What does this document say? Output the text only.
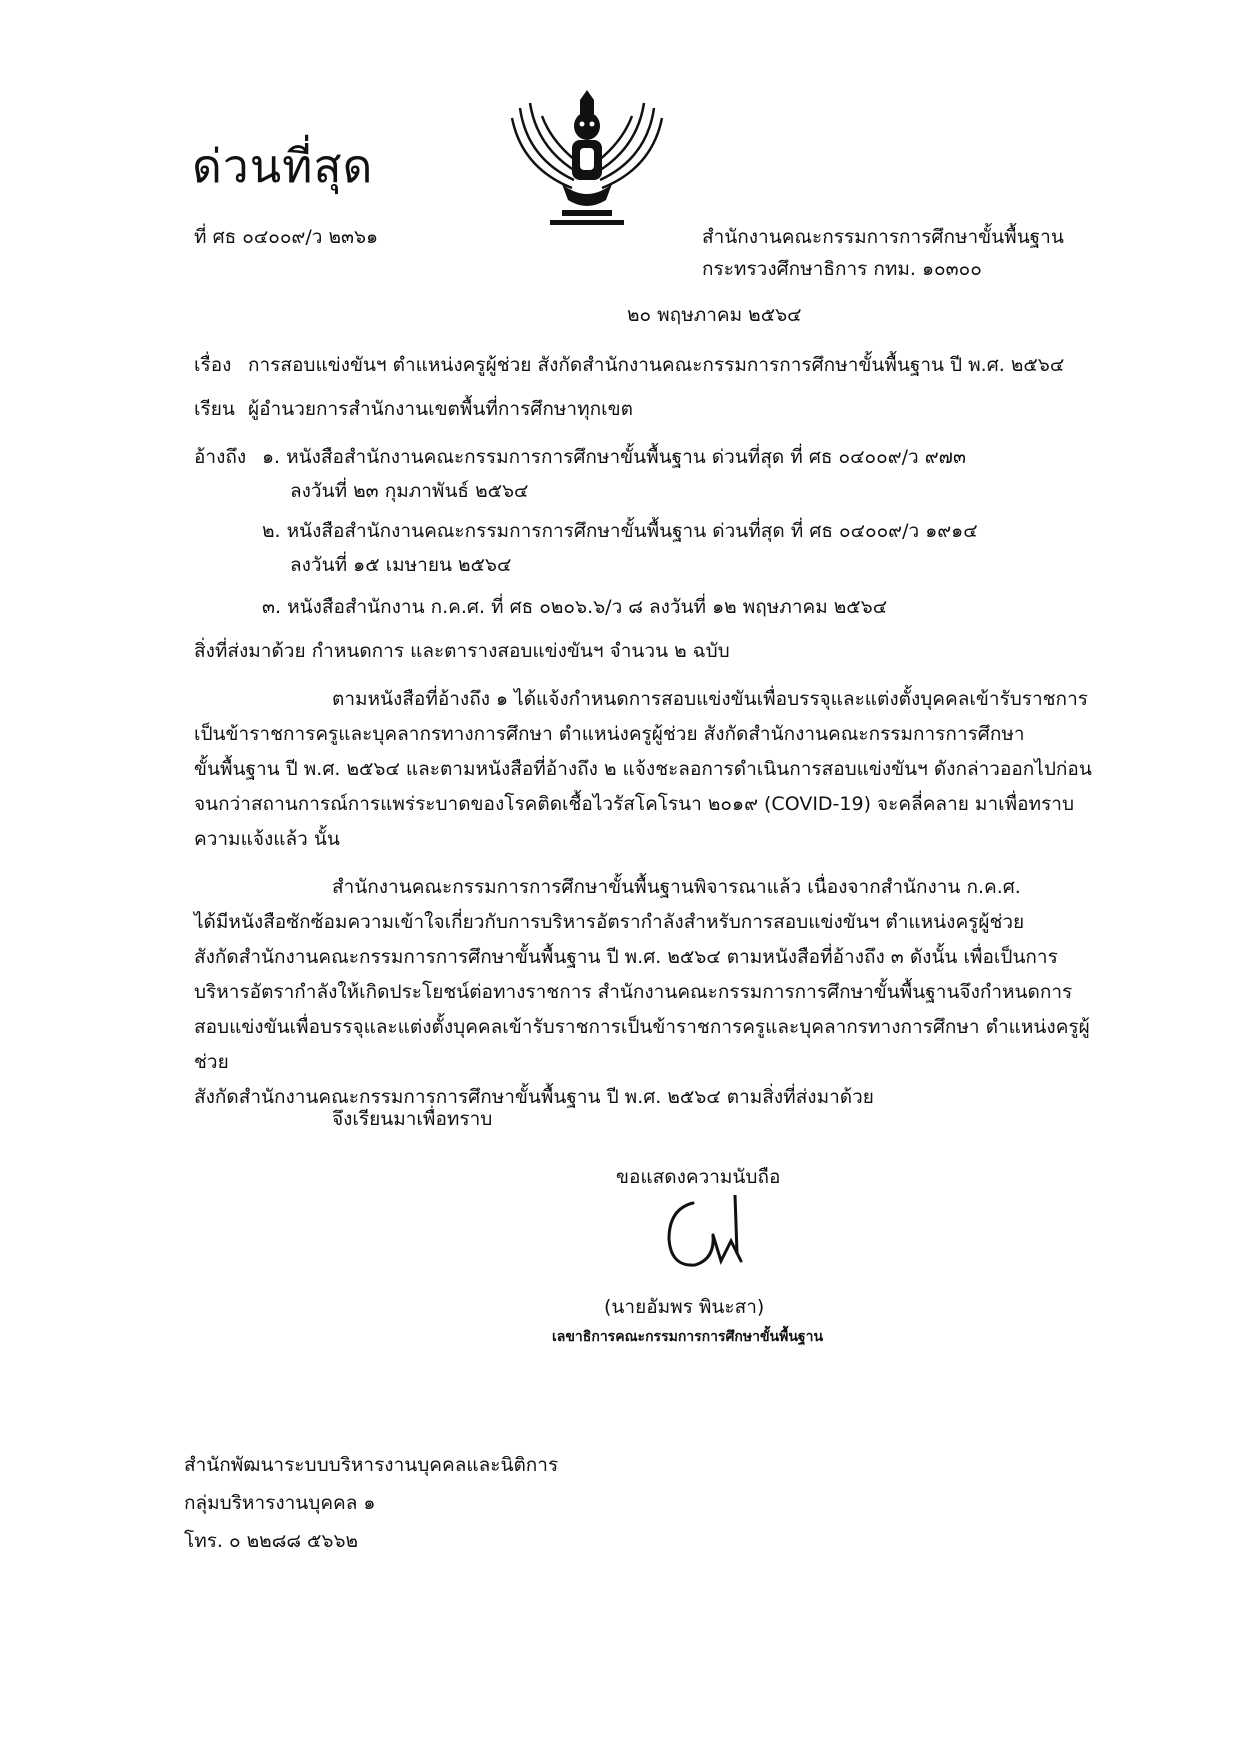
ด่วนที่สุด
ที่ ศธ ๐๔๐๐๙/ว ๒๓๖๑	สำนักงานคณะกรรมการการศึกษาขั้นพื้นฐาน
กระทรวงศึกษาธิการ กทม. ๑๐๓๐๐
๒๐ พฤษภาคม ๒๕๖๔
เรื่อง การสอบแข่งขันฯ ตำแหน่งครูผู้ช่วย สังกัดสำนักงานคณะกรรมการการศึกษาขั้นพื้นฐาน ปี พ.ศ. ๒๕๖๔
เรียน ผู้อำนวยการสำนักงานเขตพื้นที่การศึกษาทุกเขต
อ้างถึง ๑. หนังสือสำนักงานคณะกรรมการการศึกษาขั้นพื้นฐาน ด่วนที่สุด ที่ ศธ ๐๔๐๐๙/ว ๙๗๓
ลงวันที่ ๒๓ กุมภาพันธ์ ๒๕๖๔
๒. หนังสือสำนักงานคณะกรรมการการศึกษาขั้นพื้นฐาน ด่วนที่สุด ที่ ศธ ๐๔๐๐๙/ว ๑๙๑๔
ลงวันที่ ๑๕ เมษายน ๒๕๖๔
๓. หนังสือสำนักงาน ก.ค.ศ. ที่ ศธ ๐๒๐๖.๖/ว ๘ ลงวันที่ ๑๒ พฤษภาคม ๒๕๖๔
สิ่งที่ส่งมาด้วย กำหนดการ และตารางสอบแข่งขันฯ จำนวน ๒ ฉบับ
ตามหนังสือที่อ้างถึง ๑ ได้แจ้งกำหนดการสอบแข่งขันเพื่อบรรจุและแต่งตั้งบุคคลเข้ารับราชการ
เป็นข้าราชการครูและบุคลากรทางการศึกษา ตำแหน่งครูผู้ช่วย สังกัดสำนักงานคณะกรรมการการศึกษา
ขั้นพื้นฐาน ปี พ.ศ. ๒๕๖๔ และตามหนังสือที่อ้างถึง ๒ แจ้งชะลอการดำเนินการสอบแข่งขันฯ ดังกล่าวออกไปก่อน
จนกว่าสถานการณ์การแพร่ระบาดของโรคติดเชื้อไวรัสโคโรนา ๒๐๑๙ (COVID-19) จะคลี่คลาย มาเพื่อทราบ
ความแจ้งแล้ว นั้น
สำนักงานคณะกรรมการการศึกษาขั้นพื้นฐานพิจารณาแล้ว เนื่องจากสำนักงาน ก.ค.ศ.
ได้มีหนังสือซักซ้อมความเข้าใจเกี่ยวกับการบริหารอัตรากำลังสำหรับการสอบแข่งขันฯ ตำแหน่งครูผู้ช่วย
สังกัดสำนักงานคณะกรรมการการศึกษาขั้นพื้นฐาน ปี พ.ศ. ๒๕๖๔ ตามหนังสือที่อ้างถึง ๓ ดังนั้น เพื่อเป็นการ
บริหารอัตรากำลังให้เกิดประโยชน์ต่อทางราชการ สำนักงานคณะกรรมการการศึกษาขั้นพื้นฐานจึงกำหนดการ
สอบแข่งขันเพื่อบรรจุและแต่งตั้งบุคคลเข้ารับราชการเป็นข้าราชการครูและบุคลากรทางการศึกษา ตำแหน่งครูผู้ช่วย
สังกัดสำนักงานคณะกรรมการการศึกษาขั้นพื้นฐาน ปี พ.ศ. ๒๕๖๔ ตามสิ่งที่ส่งมาด้วย
จึงเรียนมาเพื่อทราบ
ขอแสดงความนับถือ
(นายอัมพร พินะสา)
เลขาธิการคณะกรรมการการศึกษาขั้นพื้นฐาน
สำนักพัฒนาระบบบริหารงานบุคคลและนิติการ
กลุ่มบริหารงานบุคคล ๑
โทร. ๐ ๒๒๘๘ ๕๖๖๒
